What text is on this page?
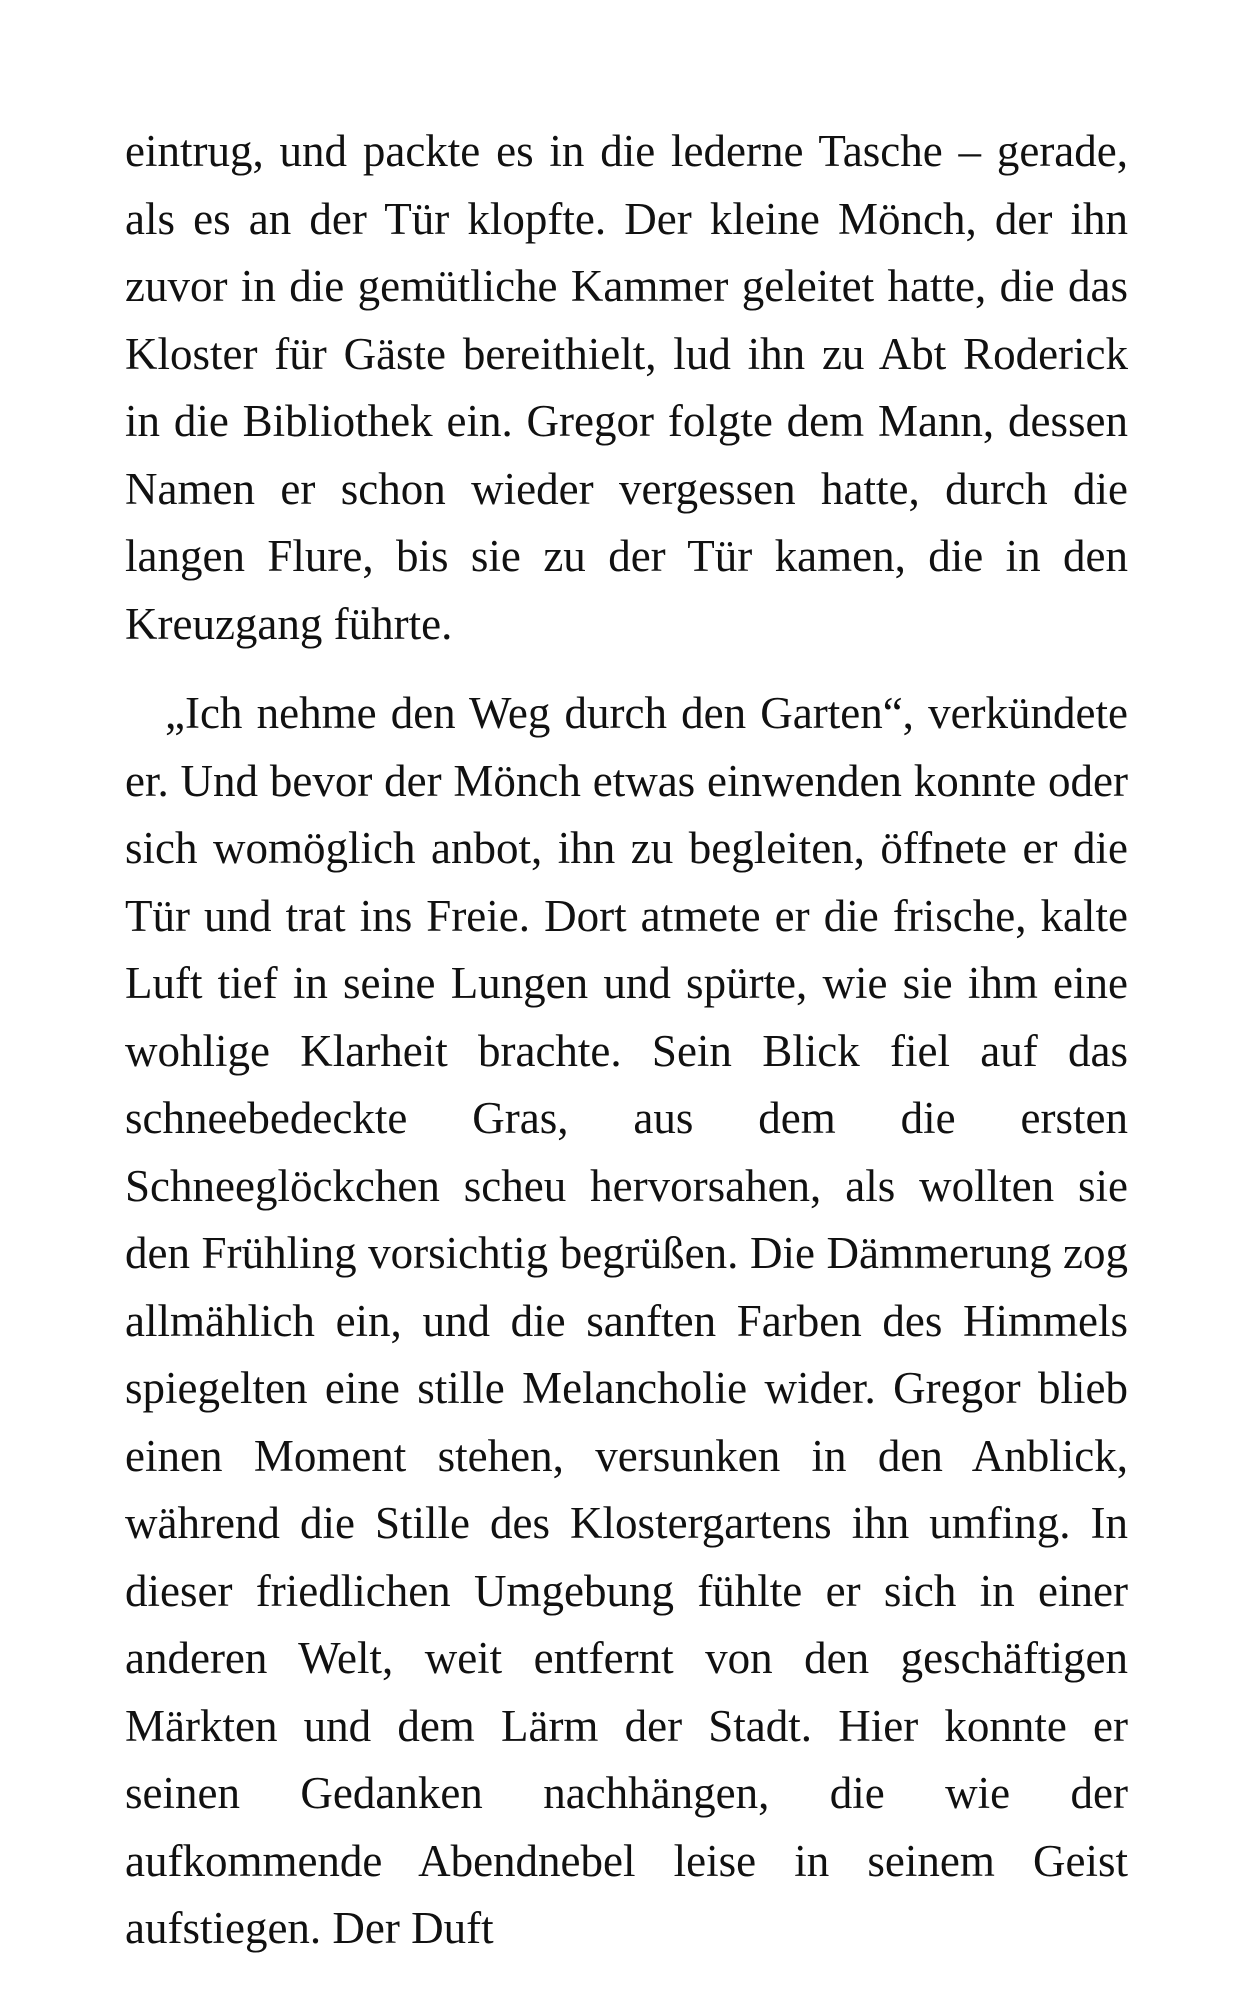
eintrug, und packte es in die lederne Tasche – gerade, als es an der Tür klopfte. Der kleine Mönch, der ihn zuvor in die gemütliche Kammer geleitet hatte, die das Kloster für Gäste bereithielt, lud ihn zu Abt Roderick in die Bibliothek ein. Gregor folgte dem Mann, dessen Namen er schon wieder vergessen hatte, durch die langen Flure, bis sie zu der Tür kamen, die in den Kreuzgang führte.

„Ich nehme den Weg durch den Garten“, verkündete er. Und bevor der Mönch etwas einwenden konnte oder sich womöglich anbot, ihn zu begleiten, öffnete er die Tür und trat ins Freie. Dort atmete er die frische, kalte Luft tief in seine Lungen und spürte, wie sie ihm eine wohlige Klarheit brachte. Sein Blick fiel auf das schneebedeckte Gras, aus dem die ersten Schneeglöckchen scheu hervorsahen, als wollten sie den Frühling vorsichtig begrüßen. Die Dämmerung zog allmählich ein, und die sanften Farben des Himmels spiegelten eine stille Melancholie wider. Gregor blieb einen Moment stehen, versunken in den Anblick, während die Stille des Klostergartens ihn umfing. In dieser friedlichen Umgebung fühlte er sich in einer anderen Welt, weit entfernt von den geschäftigen Märkten und dem Lärm der Stadt. Hier konnte er seinen Gedanken nachhängen, die wie der aufkommende Abendnebel leise in seinem Geist aufstiegen. Der Duft
